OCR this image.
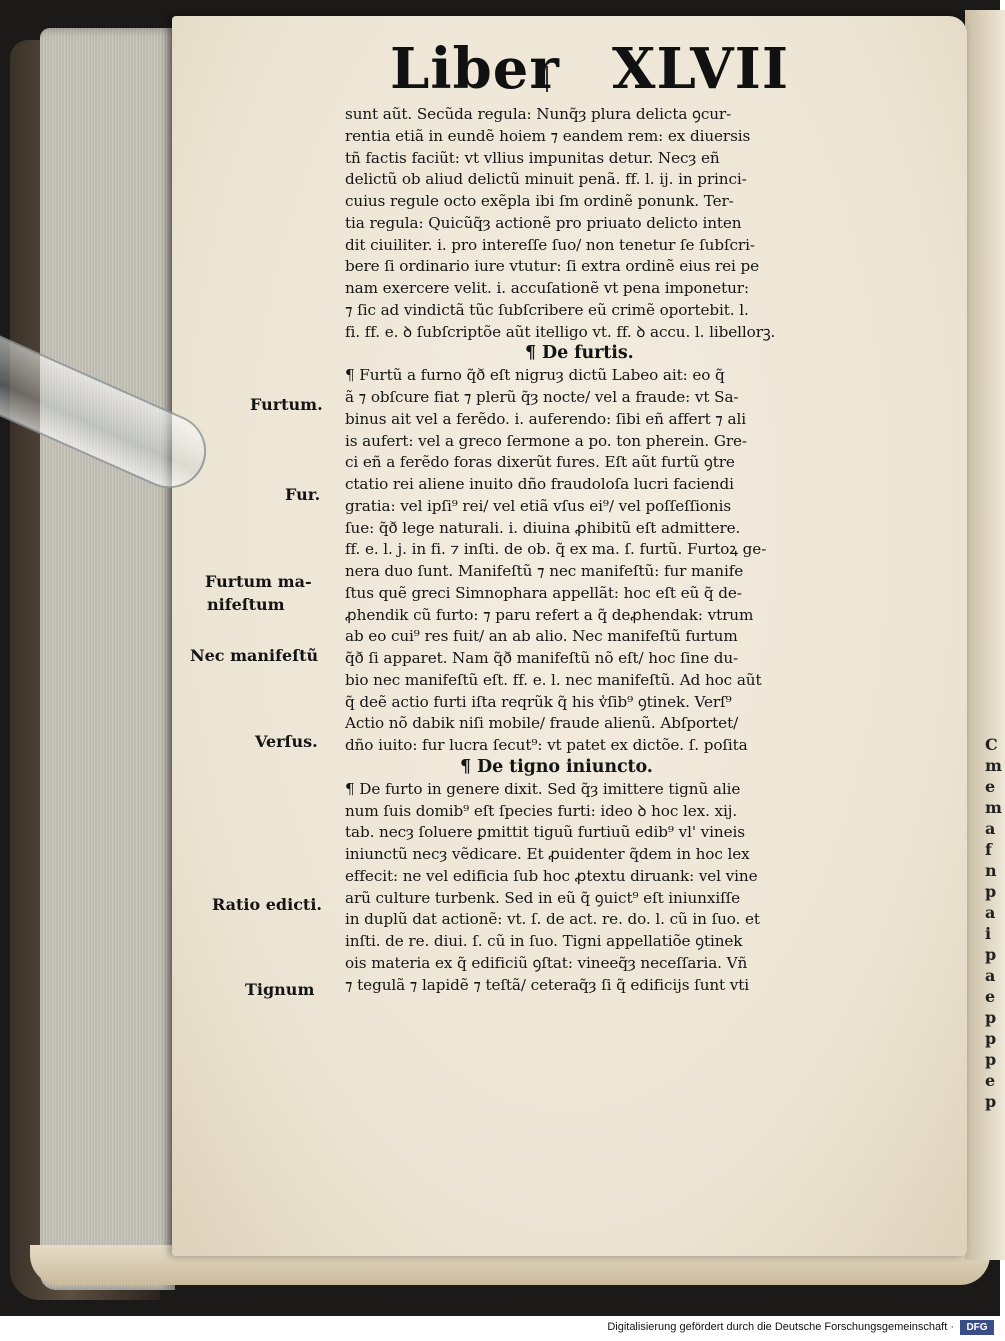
C
m
e
m
a
f
n
p
a
i
p
a
e
p
p
p
e
p
Liber XLVII
sunt aũt. Secũda regula: Nunq̃ȝ plura delicta ꝯcur-
rentia etiã in eundẽ hoiem ⁊ eandem rem: ex diuersis
tñ factis faciũt: vt vllius impunitas detur. Necȝ eñ
delictũ ob aliud delictũ minuit penã. ff. l. ij. in princi-
cuius regule octo exẽpla ibi ſm ordinẽ ponunk. Ter-
tia regula: Quicũq̃ȝ actionẽ pro priuato delicto inten
dit ciuiliter. i. pro intereſſe ſuo/ non tenetur ſe ſubſcri-
bere ſi ordinario iure vtutur: ſi extra ordinẽ eius rei pe
nam exercere velit. i. accuſationẽ vt pena imponetur:
⁊ ſic ad vindictã tũc ſubſcribere eũ crimẽ oportebit. l.
fi. ff. e. ꝺ ſubſcriptõe aũt itelligo vt. ff. ꝺ accu. l. libellorꝫ.
¶ De furtis.
¶ Furtũ a furno q̃ð eſt nigruȝ dictũ Labeo ait: eo q̃
ã ⁊ obſcure fiat ⁊ plerũ q̃ȝ nocte/ vel a fraude: vt Sa-
binus ait vel a ferẽdo. i. auferendo: ſibi eñ affert ⁊ ali
is aufert: vel a greco ſermone a po. ton pherein. Gre-
ci eñ a ferẽdo foras dixerũt fures. Eſt aũt furtũ ꝯtre
ctatio rei aliene inuito dño fraudoloſa lucri faciendi
gratia: vel ipſi⁹ rei/ vel etiã vſus ei⁹/ vel poſſeſſionis
ſue: q̃ð lege naturali. i. diuina ꝓhibitũ eſt admittere.
ff. e. l. j. in fi. ⁊ inſti. de ob. q̃ ex ma. ſ. furtũ. Furtoꝝ ge-
nera duo ſunt. Manifeſtũ ⁊ nec manifeſtũ: fur manife
ſtus quẽ greci Simnophara appellãt: hoc eſt eũ q̃ de-
ꝓhendik cũ furto: ⁊ paru refert a q̃ deꝓhendak: vtrum
ab eo cui⁹ res fuit/ an ab alio. Nec manifeſtũ furtum
q̃ð ſi apparet. Nam q̃ð manifeſtũ nõ eſt/ hoc ſine du-
bio nec manifeſtũ eſt. ff. e. l. nec manifeſtũ. Ad hoc aũt
q̃ deẽ actio furti iſta reqrũk q̃ his v̾ſib⁹ ꝯtinek. Verſ⁹
Actio nõ dabik niſi mobile/ fraude alienũ. Abſportet/
dño iuito: fur lucra ſecut⁹: vt patet ex dictõe. ſ. poſita
¶ De tigno iniuncto.
¶ De furto in genere dixit. Sed q̃ȝ imittere tignũ alie
num ſuis domib⁹ eſt ſpecies furti: ideo ꝺ hoc lex. xij.
tab. necȝ ſoluere ꝑmittit tiguũ furtiuũ edib⁹ vl' vineis
iniunctũ necȝ vẽdicare. Et ꝓuidenter q̃dem in hoc lex
effecit: ne vel edificia ſub hoc ꝓtextu diruank: vel vine
arũ culture turbenk. Sed in eũ q̃ ꝯuict⁹ eſt iniunxiſſe
in duplũ dat actionẽ: vt. ſ. de act. re. do. l. cũ in ſuo. et
inſti. de re. diui. ſ. cũ in ſuo. Tigni appellatiõe ꝯtinek
ois materia ex q̃ edificiũ ꝯſtat: vineeq̃ȝ neceſſaria. Vñ
⁊ tegulã ⁊ lapidẽ ⁊ teſtã/ ceteraq̃ȝ ſi q̃ edificijs ſunt vti
Furtum.
Fur.
Furtum ma-
nifeſtum
Nec manifeſtũ
Verſus.
Ratio edicti.
Tignum
Digitalisierung gefördert durch die Deutsche Forschungsgemeinschaft ·	DFG
